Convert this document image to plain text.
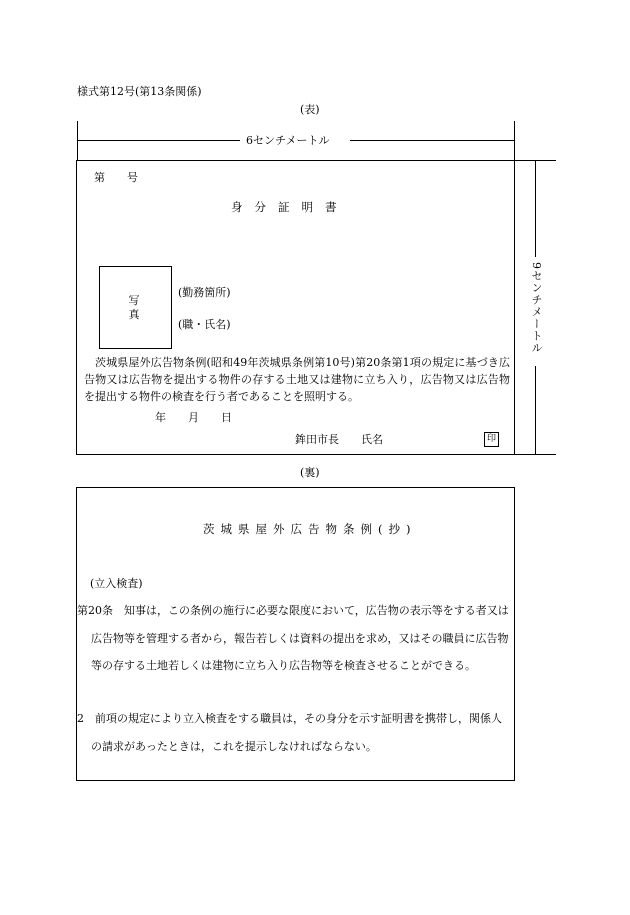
様式第12号(第13条関係)
(表)
6センチメートル
9センチメートル
第　　号
身分証明書
写真
(勤務箇所)
(職・氏名)
茨城県屋外広告物条例(昭和49年茨城県条例第10号)第20条第1項の規定に基づき広告物又は広告物を提出する物件の存する土地又は建物に立ち入り，広告物又は広告物を提出する物件の検査を行う者であることを照明する。
年　　月　　日
鉾田市長　　氏名	印
(裏)
茨城県屋外広告物条例(抄)
(立入検査)
第20条　知事は，この条例の施行に必要な限度において，広告物の表示等をする者又は広告物等を管理する者から，報告若しくは資料の提出を求め，又はその職員に広告物等の存する土地若しくは建物に立ち入り広告物等を検査させることができる。
2　前項の規定により立入検査をする職員は，その身分を示す証明書を携帯し，関係人の請求があったときは，これを提示しなければならない。
